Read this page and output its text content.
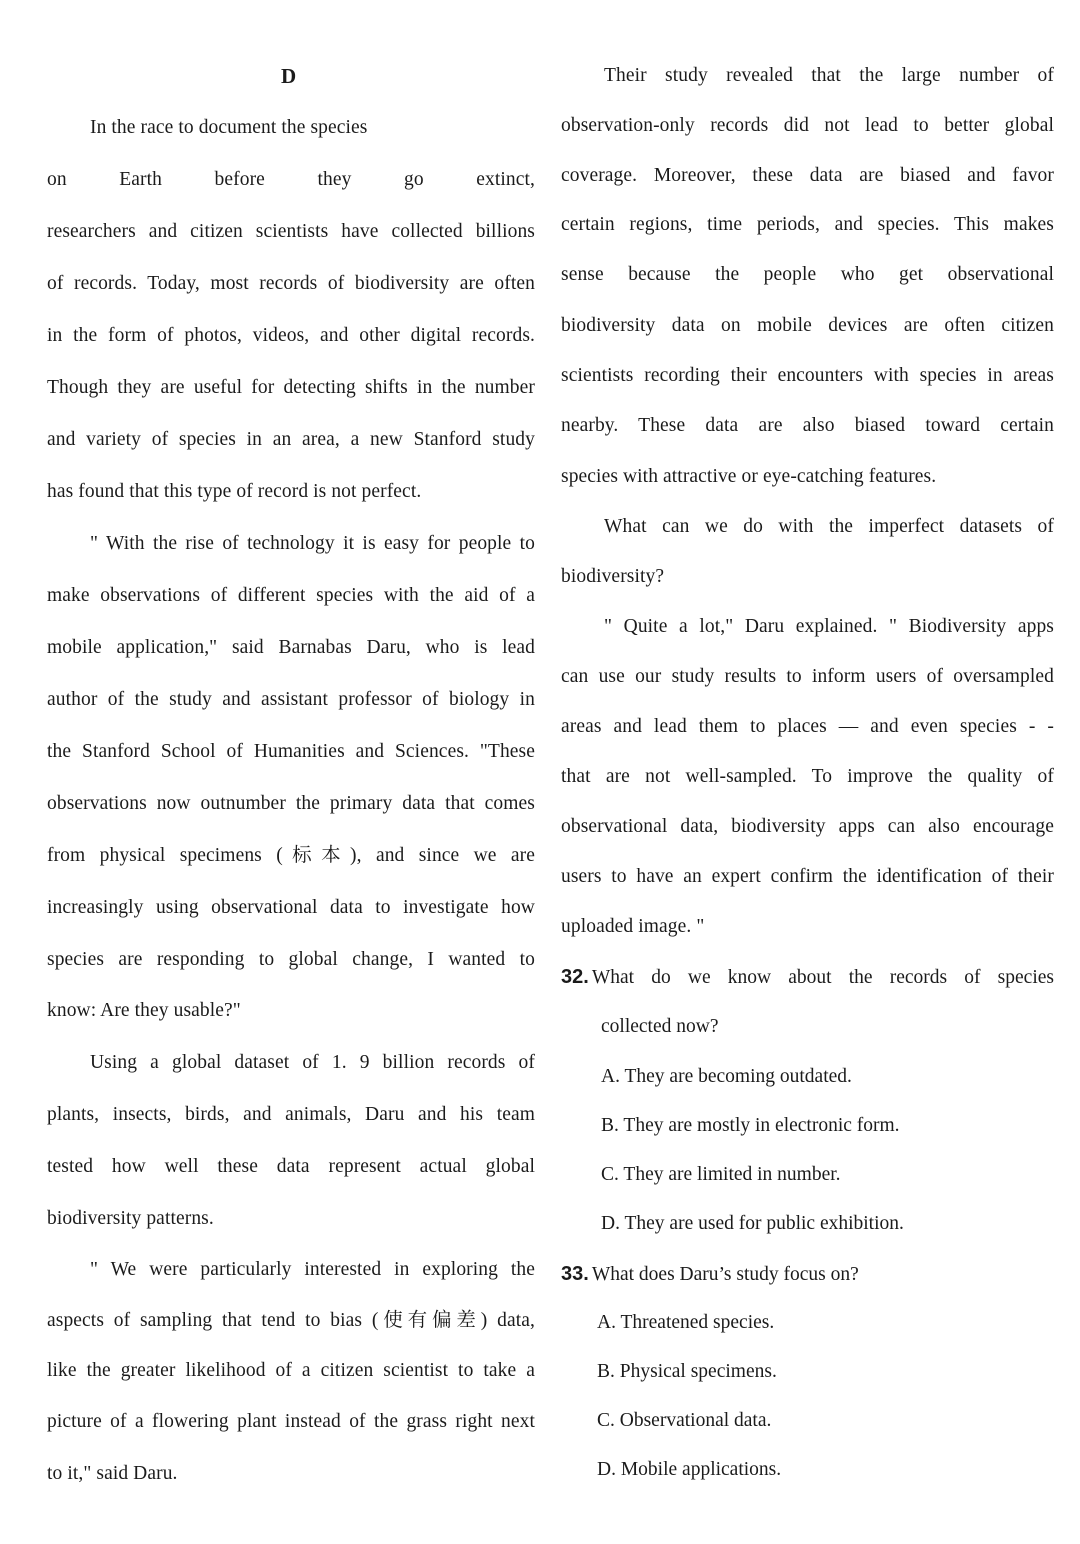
D
In the race to document the species
on Earth before they go extinct,
researchers and citizen scientists have collected billions
of records. Today, most records of biodiversity are often
in the form of photos, videos, and other digital records.
Though they are useful for detecting shifts in the number
and variety of species in an area, a new Stanford study
has found that this type of record is not perfect.
" With the rise of technology it is easy for people to
make observations of different species with the aid of a
mobile application," said Barnabas Daru, who is lead
author of the study and assistant professor of biology in
the Stanford School of Humanities and Sciences. "These
observations now outnumber the primary data that comes
from physical specimens (标本), and since we are
increasingly using observational data to investigate how
species are responding to global change, I wanted to
know: Are they usable?"
Using a global dataset of 1. 9 billion records of
plants, insects, birds, and animals, Daru and his team
tested how well these data represent actual global
biodiversity patterns.
" We were particularly interested in exploring the
aspects of sampling that tend to bias (使有偏差) data,
like the greater likelihood of a citizen scientist to take a
picture of a flowering plant instead of the grass right next
to it," said Daru.
Their study revealed that the large number of
observation-only records did not lead to better global
coverage. Moreover, these data are biased and favor
certain regions, time periods, and species. This makes
sense because the people who get observational
biodiversity data on mobile devices are often citizen
scientists recording their encounters with species in areas
nearby. These data are also biased toward certain
species with attractive or eye-catching features.
What can we do with the imperfect datasets of
biodiversity?
" Quite a lot," Daru explained. " Biodiversity apps
can use our study results to inform users of oversampled
areas and lead them to places — and even species - -
that are not well-sampled. To improve the quality of
observational data, biodiversity apps can also encourage
users to have an expert confirm the identification of their
uploaded image. "
32. What do we know about the records of species
collected now?
A. They are becoming outdated.
B. They are mostly in electronic form.
C. They are limited in number.
D. They are used for public exhibition.
33. What does Daru’s study focus on?
A. Threatened species.
B. Physical specimens.
C. Observational data.
D. Mobile applications.
